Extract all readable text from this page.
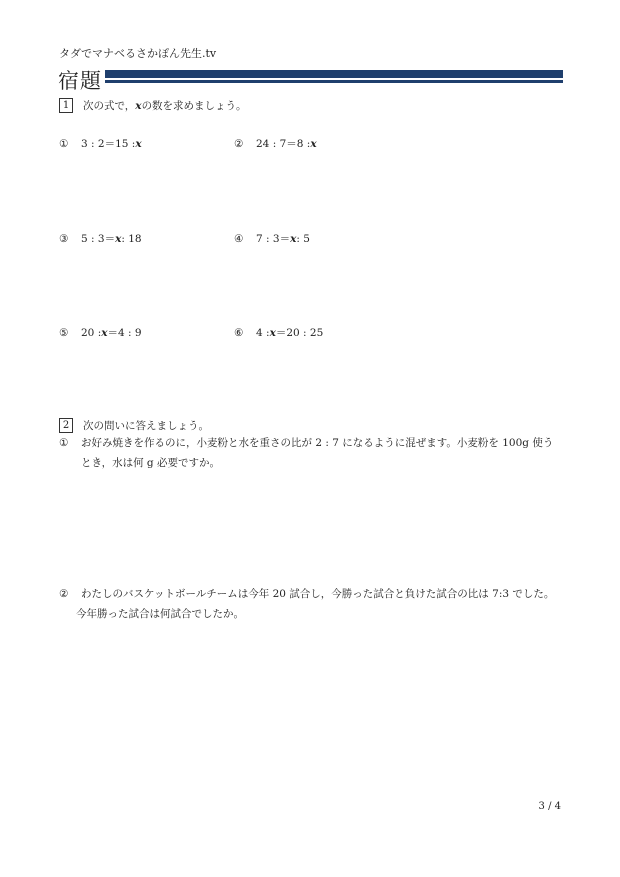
タダでマナベるさかぽん先生.tv
宿題
1	次の式で， x の数を求めましょう。
①	3 : 2＝15 : x	②	24 : 7＝8 : x
③	5 : 3＝ x : 18	④	7 : 3＝ x : 5
⑤	20 : x ＝4 : 9	⑥	4 : x ＝20 : 25
2	次の問いに答えましょう。
① お好み焼きを作るのに，小麦粉と水を重さの比が 2 : 7 になるように混ぜます。小麦粉を 100g 使う
とき，水は何 g 必要ですか。
② わたしのバスケットボールチームは今年 20 試合し，今勝った試合と負けた試合の比は 7:3 でした。
今年勝った試合は何試合でしたか。
3 / 4
